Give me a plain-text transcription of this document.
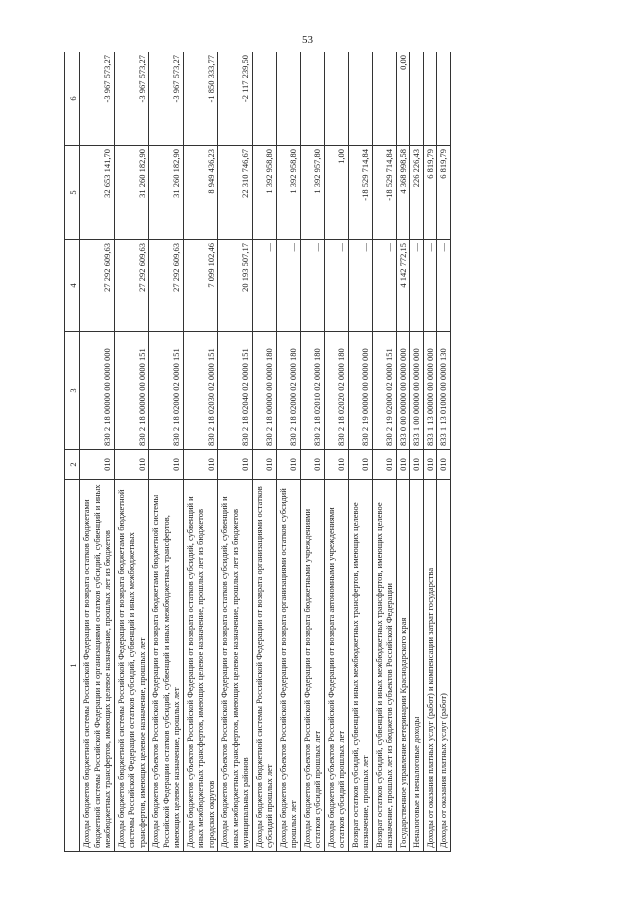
53
1	2	3	4	5	6
Доходы бюджетов бюджетной системы Российской Федерации от возврата остатков бюджетами бюджетной системы Российской Федерации и организациями остатков субсидий, субвенций и иных межбюджетных трансфертов, имеющих целевое назначение, прошлых лет из бюджетов	010	830 2 18 00000 00 0000 000	27 292 609,63	32 653 141,70	-3 967 573,27
Доходы бюджетов бюджетной системы Российской Федерации от возврата бюджетами бюджетной системы Российской Федерации остатков субсидий, субвенций и иных межбюджетных трансфертов, имеющих целевое назначение, прошлых лет	010	830 2 18 00000 00 0000 151	27 292 609,63	31 260 182,90	-3 967 573,27
Доходы бюджетов субъектов Российской Федерации от возврата бюджетами бюджетной системы Российской Федерации остатков субсидий, субвенций и иных межбюджетных трансфертов, имеющих целевое назначение, прошлых лет	010	830 2 18 02000 02 0000 151	27 292 609,63	31 260 182,90	-3 967 573,27
Доходы бюджетов субъектов Российской Федерации от возврата остатков субсидий, субвенций и иных межбюджетных трансфертов, имеющих целевое назначение, прошлых лет из бюджетов городских округов	010	830 2 18 02030 02 0000 151	7 099 102,46	8 949 436,23	-1 850 333,77
Доходы бюджетов субъектов Российской Федерации от возврата остатков субсидий, субвенций и иных межбюджетных трансфертов, имеющих целевое назначение, прошлых лет из бюджетов муниципальных районов	010	830 2 18 02040 02 0000 151	20 193 507,17	22 310 746,67	-2 117 239,50
Доходы бюджетов бюджетной системы Российской Федерации от возврата организациями остатков субсидий прошлых лет	010	830 2 18 00000 00 0000 180	—	1 392 958,80	
Доходы бюджетов субъектов Российской Федерации от возврата организациями остатков субсидий прошлых лет	010	830 2 18 02000 02 0000 180	—	1 392 958,80	
Доходы бюджетов субъектов Российской Федерации от возврата бюджетными учреждениями остатков субсидий прошлых лет	010	830 2 18 02010 02 0000 180	—	1 392 957,80	
Доходы бюджетов субъектов Российской Федерации от возврата автономными учреждениями остатков субсидий прошлых лет	010	830 2 18 02020 02 0000 180	—	1,00	
Возврат остатков субсидий, субвенций и иных межбюджетных трансфертов, имеющих целевое назначение, прошлых лет	010	830 2 19 00000 00 0000 000	—	-18 529 714,84	
Возврат остатков субсидий, субвенций и иных межбюджетных трансфертов, имеющих целевое назначение, прошлых лет из бюджетов субъектов Российской Федерации	010	830 2 19 02000 02 0000 151	—	-18 529 714,84	
Государственное управление ветеринарии Краснодарского края	010	833 0 00 00000 00 0000 000	4 142 772,15	4 368 998,58	0,00
Неналоговые и неналоговые доходы	010	833 1 00 00000 00 0000 000	—	226 226,43	
Доходы от оказания платных услуг (работ) и компенсации затрат государства	010	833 1 13 00000 00 0000 000	—	6 819,79	
Доходы от оказания платных услуг (работ)	010	833 1 13 01000 00 0000 130	—	6 819,79	
